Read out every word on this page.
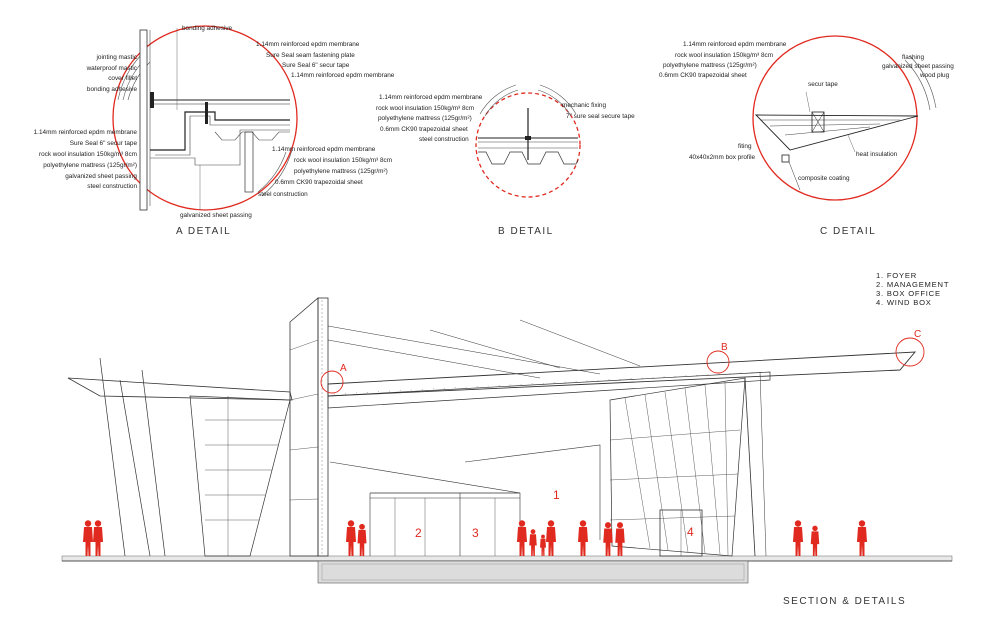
bonding adhesive
jointing mastic
waterproof mastic
cover fillet
bonding adhesive
1.14mm reinforced epdm membrane
Sure Seal 6" secur tape
rock wool insulation 150kg/m³ 8cm
polyethylene mattress (125gr/m²)
galvanized sheet passing
steel construction
1.14mm reinforced epdm membrane
Sure Seal seam fastening plate
Sure Seal 6" secur tape
1.14mm reinforced epdm membrane
1.14mm reinforced epdm membrane
rock wool insulation 150kg/m³ 8cm
polyethylene mattress (125gr/m²)
0.6mm CK90 trapezoidal sheet
steel construction
galvanized sheet passing
A DETAIL
1.14mm reinforced epdm membrane
rock wool insulation 150kg/m³ 8cm
polyethylene mattress (125gr/m²)
0.6mm CK90 trapezoidal sheet
steel construction
mechanic fixing
7" sure seal secure tape
B DETAIL
1.14mm reinforced epdm membrane
rock wool insulation 150kg/m³ 8cm
polyethylene mattress (125gr/m²)
0.6mm CK90 trapezoidal sheet
flashing
galvanized sheet passing
wood plug
secur tape
fiting
40x40x2mm box profile	heat insulation
composite coating
C DETAIL
1. FOYER
2. MANAGEMENT
3. BOX OFFICE
4. WIND BOX
A
B
C
1
2	3	4
SECTION & DETAILS
